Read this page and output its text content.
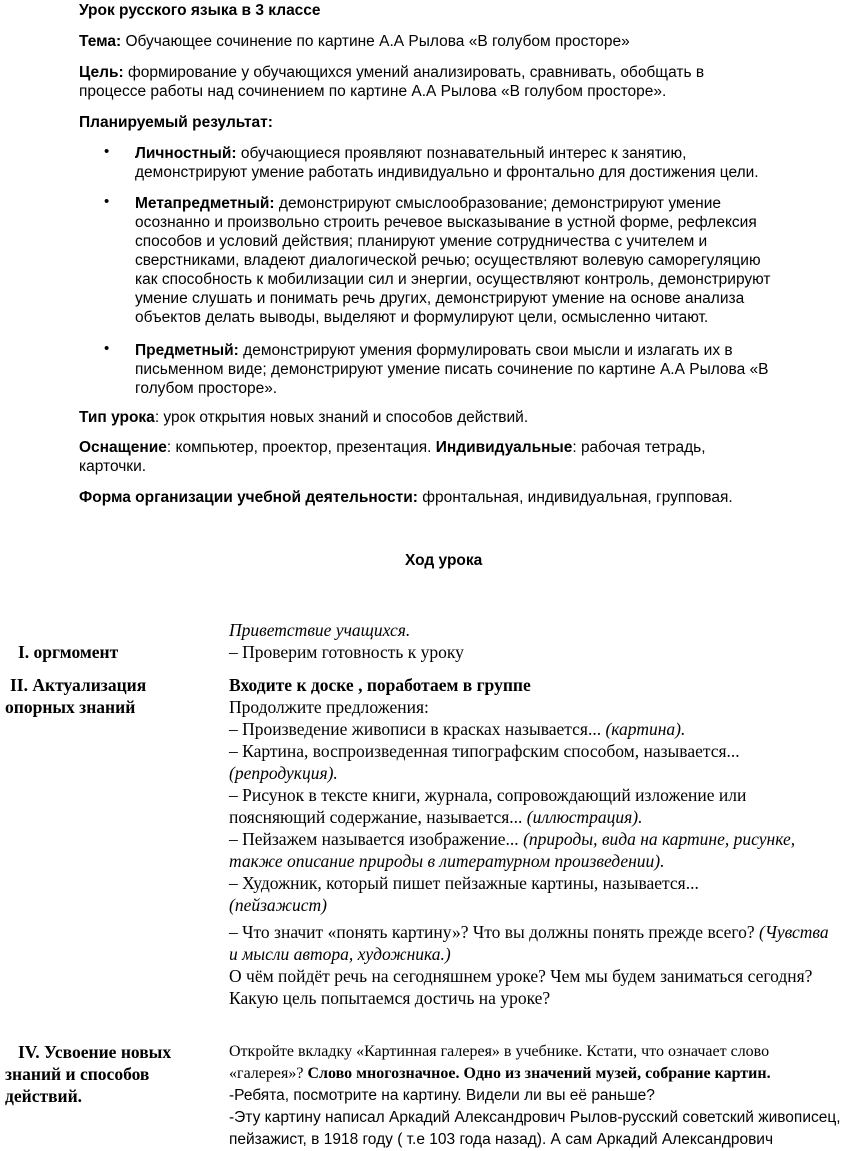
Урок русского языка в 3 классе
Тема: Обучающее сочинение по картине А.А Рылова «В голубом просторе»
Цель: формирование у обучающихся умений анализировать, сравнивать, обобщать в
процессе работы над сочинением по картине А.А Рылова «В голубом просторе».
Планируемый результат:
• Личностный: обучающиеся проявляют познавательный интерес к занятию,
демонстрируют умение работать индивидуально и фронтально для достижения цели.
• Метапредметный: демонстрируют смыслообразование; демонстрируют умение
осознанно и произвольно строить речевое высказывание в устной форме, рефлексия
способов и условий действия; планируют умение сотрудничества с учителем и
сверстниками, владеют диалогической речью; осуществляют волевую саморегуляцию
как способность к мобилизации сил и энергии, осуществляют контроль, демонстрируют
умение слушать и понимать речь других, демонстрируют умение на основе анализа
объектов делать выводы, выделяют и формулируют цели, осмысленно читают.
• Предметный: демонстрируют умения формулировать свои мысли и излагать их в
письменном виде; демонстрируют умение писать сочинение по картине А.А Рылова «В
голубом просторе».
Тип урока: урок открытия новых знаний и способов действий.
Оснащение: компьютер, проектор, презентация. Индивидуальные: рабочая тетрадь,
карточки.
Форма организации учебной деятельности: фронтальная, индивидуальная, групповая.
Ход урока
I. оргмомент
Приветствие учащихся.
– Проверим готовность к уроку
II. Актуализация
опорных знаний
Входите к доске , поработаем в группе
Продолжите предложения:
– Произведение живописи в красках называется... (картина).
– Картина, воспроизведенная типографским способом, называется...
(репродукция).
– Рисунок в тексте книги, журнала, сопровождающий изложение или
поясняющий содержание, называется... (иллюстрация).
– Пейзажем называется изображение... (природы, вида на картине, рисунке,
также описание природы в литературном произведении).
– Художник, который пишет пейзажные картины, называется...
(пейзажист)
– Что значит «понять картину»? Что вы должны понять прежде всего? (Чувства
и мысли автора, художника.)
О чём пойдёт речь на сегодняшнем уроке? Чем мы будем заниматься сегодня?
Какую цель попытаемся достичь на уроке?
IV. Усвоение новых
знаний и способов
действий.
Откройте вкладку «Картинная галерея» в учебнике. Кстати, что означает слово
«галерея»? Слово многозначное. Одно из значений музей, собрание картин.
-Ребята, посмотрите на картину. Видели ли вы её раньше?
-Эту картину написал Аркадий Александрович Рылов-русский советский живописец,
пейзажист, в 1918 году ( т.е 103 года назад). А сам Аркадий Александрович
